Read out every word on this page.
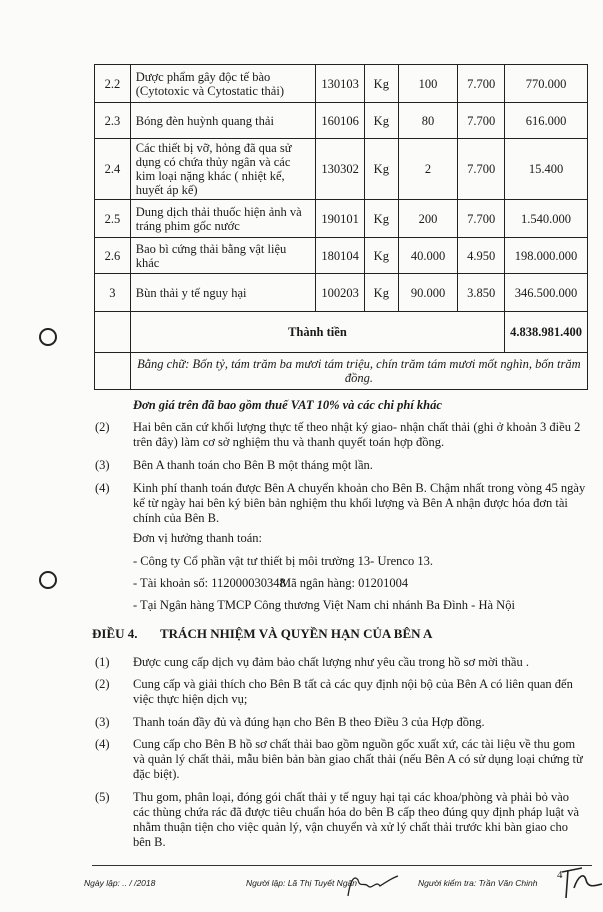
2.2	Dược phẩm gây độc tế bào (Cytotoxic và Cytostatic thải)	130103	Kg	100	7.700	770.000
2.3	Bóng đèn huỳnh quang thải	160106	Kg	80	7.700	616.000
2.4	Các thiết bị vỡ, hỏng đã qua sử dụng có chứa thủy ngân và các kim loại nặng khác ( nhiệt kế, huyết áp kế)	130302	Kg	2	7.700	15.400
2.5	Dung dịch thải thuốc hiện ảnh và tráng phim gốc nước	190101	Kg	200	7.700	1.540.000
2.6	Bao bì cứng thải bằng vật liệu khác	180104	Kg	40.000	4.950	198.000.000
3	Bùn thải y tế nguy hại	100203	Kg	90.000	3.850	346.500.000
	Thành tiền					4.838.981.400
	Bằng chữ: Bốn tỷ, tám trăm ba mươi tám triệu, chín trăm tám mươi mốt nghìn, bốn trăm đồng.					
Đơn giá trên đã bao gồm thuế VAT 10% và các chi phí khác
(2) Hai bên căn cứ khối lượng thực tế theo nhật ký giao- nhận chất thải (ghi ở khoản 3 điều 2 trên đây) làm cơ sở nghiệm thu và thanh quyết toán hợp đồng.
(3) Bên A thanh toán cho Bên B một tháng một lần.
(4) Kinh phí thanh toán được Bên A chuyển khoản cho Bên B. Chậm nhất trong vòng 45 ngày kể từ ngày hai bên ký biên bản nghiệm thu khối lượng và Bên A nhận được hóa đơn tài chính của Bên B.
Đơn vị hưởng thanh toán:
- Công ty Cổ phần vật tư thiết bị môi trường 13- Urenco 13.
- Tài khoản số: 112000030348
Mã ngân hàng: 01201004
- Tại Ngân hàng TMCP Công thương Việt Nam chi nhánh Ba Đình - Hà Nội
ĐIỀU 4. TRÁCH NHIỆM VÀ QUYỀN HẠN CỦA BÊN A
(1) Được cung cấp dịch vụ đảm bảo chất lượng như yêu cầu trong hồ sơ mời thầu .
(2) Cung cấp và giải thích cho Bên B tất cả các quy định nội bộ của Bên A có liên quan đến việc thực hiện dịch vụ;
(3) Thanh toán đầy đủ và đúng hạn cho Bên B theo Điều 3 của Hợp đồng.
(4) Cung cấp cho Bên B hồ sơ chất thải bao gồm nguồn gốc xuất xứ, các tài liệu về thu gom và quản lý chất thải, mẫu biên bản bàn giao chất thải (nếu Bên A có sử dụng loại chứng từ đặc biệt).
(5) Thu gom, phân loại, đóng gói chất thải y tế nguy hại tại các khoa/phòng và phải bỏ vào các thùng chứa rác đã được tiêu chuẩn hóa do bên B cấp theo đúng quy định pháp luật và nhằm thuận tiện cho việc quản lý, vận chuyển và xử lý chất thải trước khi bàn giao cho bên B.
Ngày lập: .. / /2018	Người lập: Lã Thị Tuyết Ngân	Người kiểm tra: Trần Văn Chinh
4
